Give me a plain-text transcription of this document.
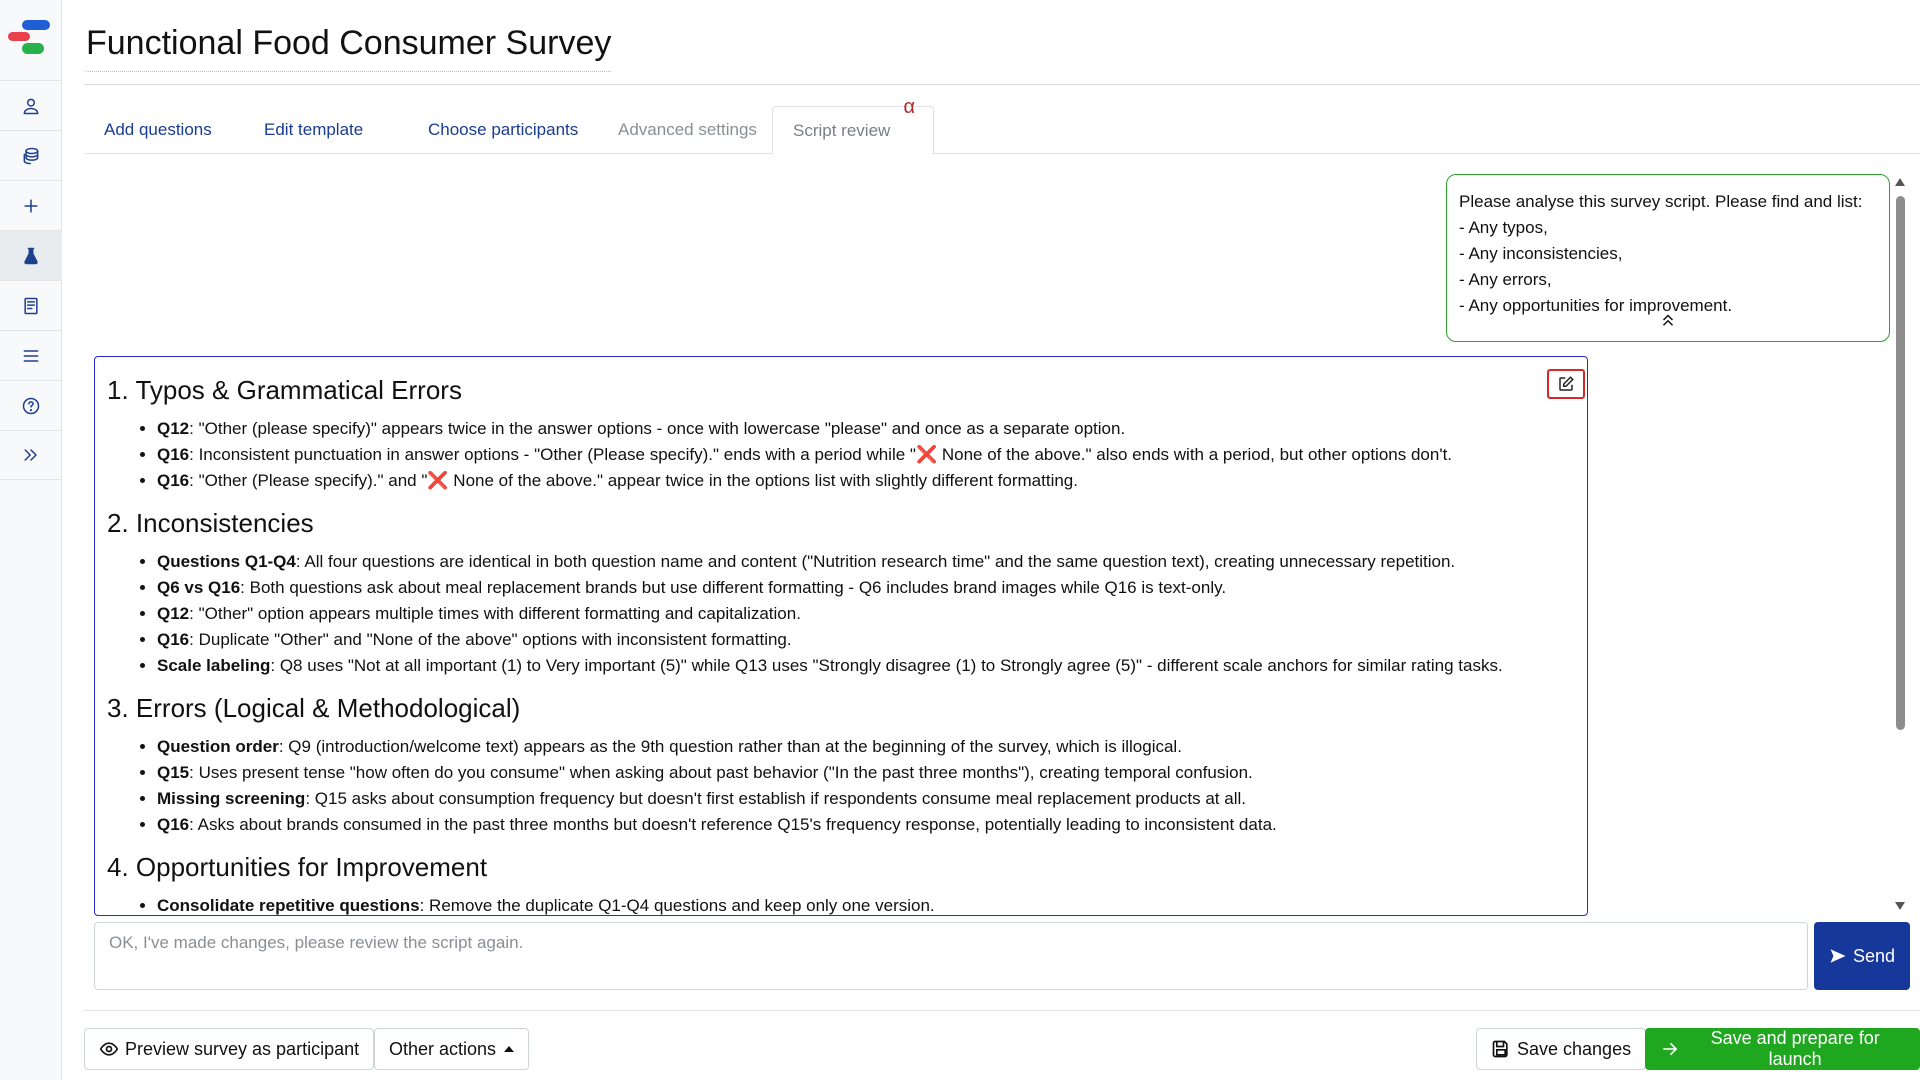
Functional Food Consumer Survey
Add questions	Edit template	Choose participants	Advanced settings	Script review
α
Please analyse this survey script. Please find and list:
- Any typos,
- Any inconsistencies,
- Any errors,
- Any opportunities for improvement.
1. Typos & Grammatical Errors
• Q12: "Other (please specify)" appears twice in the answer options - once with lowercase "please" and once as a separate option.
• Q16: Inconsistent punctuation in answer options - "Other (Please specify)." ends with a period while "❌ None of the above." also ends with a period, but other options don't.
• Q16: "Other (Please specify)." and "❌ None of the above." appear twice in the options list with slightly different formatting.
2. Inconsistencies
• Questions Q1-Q4: All four questions are identical in both question name and content ("Nutrition research time" and the same question text), creating unnecessary repetition.
• Q6 vs Q16: Both questions ask about meal replacement brands but use different formatting - Q6 includes brand images while Q16 is text-only.
• Q12: "Other" option appears multiple times with different formatting and capitalization.
• Q16: Duplicate "Other" and "None of the above" options with inconsistent formatting.
• Scale labeling: Q8 uses "Not at all important (1) to Very important (5)" while Q13 uses "Strongly disagree (1) to Strongly agree (5)" - different scale anchors for similar rating tasks.
3. Errors (Logical & Methodological)
• Question order: Q9 (introduction/welcome text) appears as the 9th question rather than at the beginning of the survey, which is illogical.
• Q15: Uses present tense "how often do you consume" when asking about past behavior ("In the past three months"), creating temporal confusion.
• Missing screening: Q15 asks about consumption frequency but doesn't first establish if respondents consume meal replacement products at all.
• Q16: Asks about brands consumed in the past three months but doesn't reference Q15's frequency response, potentially leading to inconsistent data.
4. Opportunities for Improvement
• Consolidate repetitive questions: Remove the duplicate Q1-Q4 questions and keep only one version.
OK, I've made changes, please review the script again.
Send
Preview survey as participant Other actions	Save changes
Save and prepare for launch
